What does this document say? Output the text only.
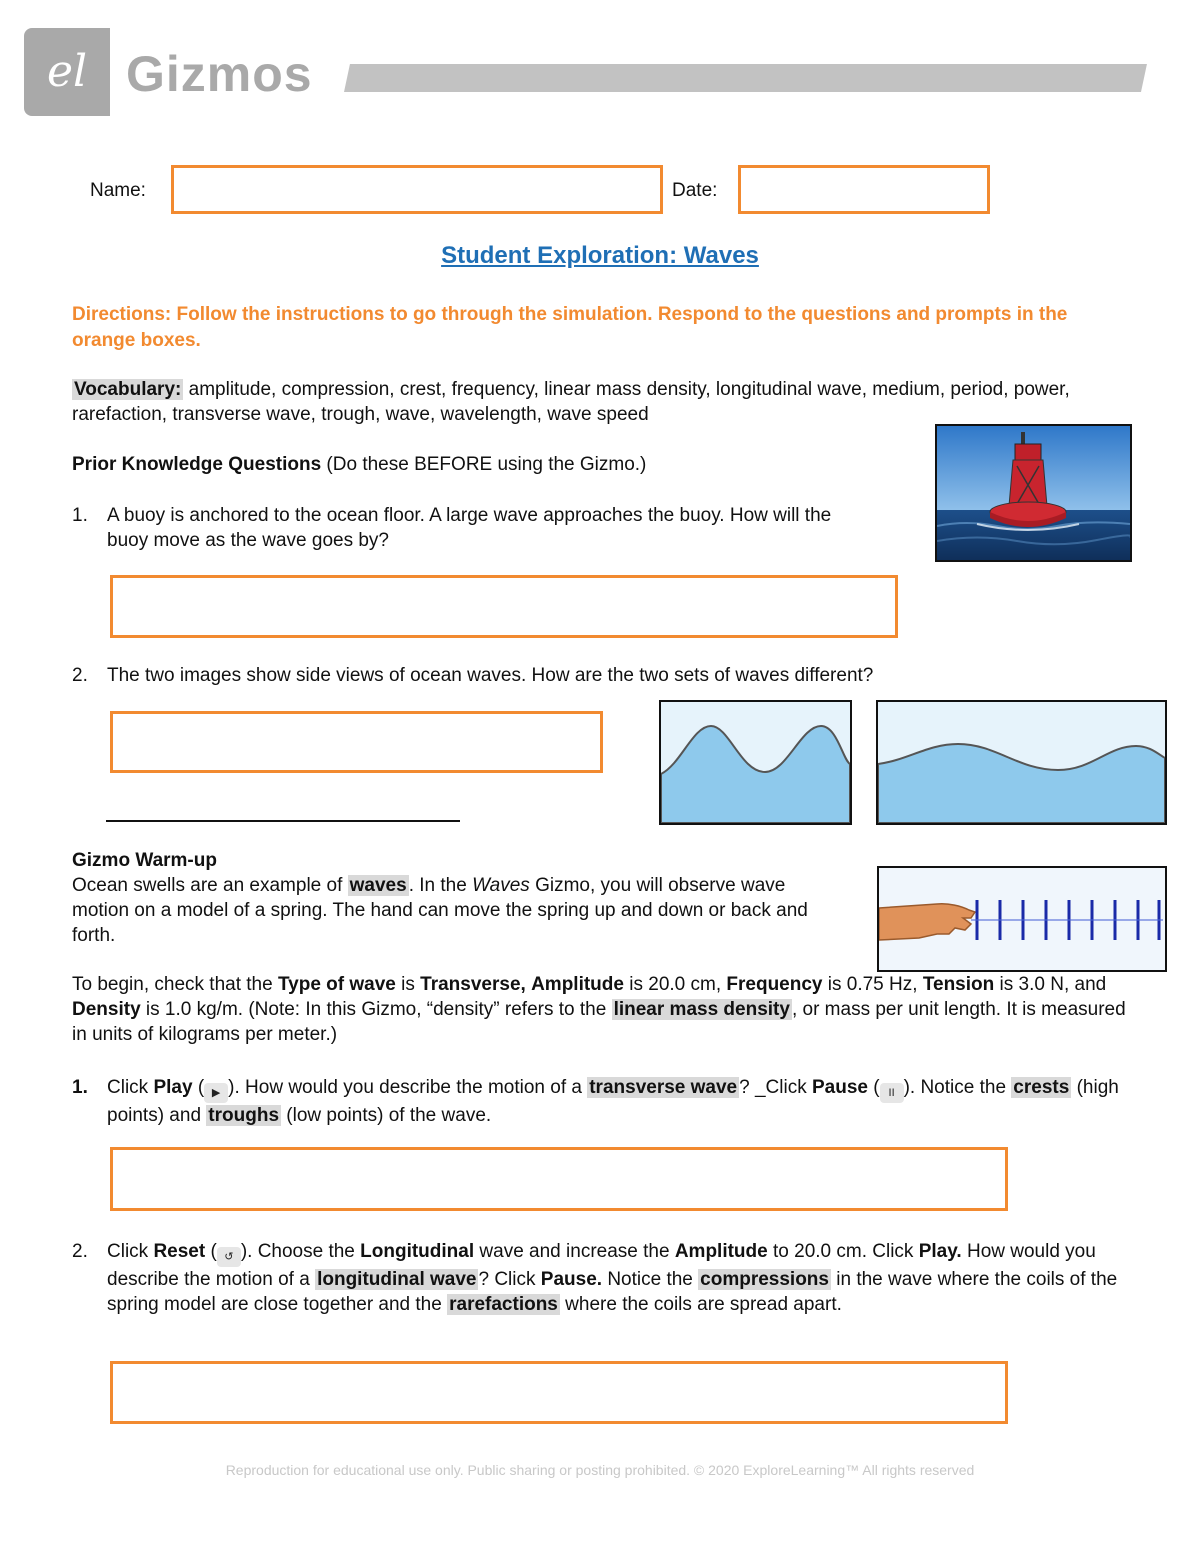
el Gizmos
Name:	Date:
Student Exploration: Waves
Directions: Follow the instructions to go through the simulation. Respond to the questions and prompts in the orange boxes.
Vocabulary: amplitude, compression, crest, frequency, linear mass density, longitudinal wave, medium, period, power, rarefaction, transverse wave, trough, wave, wavelength, wave speed
Prior Knowledge Questions (Do these BEFORE using the Gizmo.)
1. A buoy is anchored to the ocean floor. A large wave approaches the buoy. How will the buoy move as the wave goes by?
2. The two images show side views of ocean waves. How are the two sets of waves different?
Gizmo Warm-up
Ocean swells are an example of waves . In the Waves Gizmo, you will observe wave motion on a model of a spring. The hand can move the spring up and down or back and forth.
To begin, check that the Type of wave is Transverse, Amplitude is 20.0 cm, Frequency is 0.75 Hz, Tension is 3.0 N, and Density is 1.0 kg/m. (Note: In this Gizmo, “density” refers to the linear mass density , or mass per unit length. It is measured in units of kilograms per meter.)
1. Click Play ( ▶ ). How would you describe the motion of a transverse wave ? _Click Pause ( II ). Notice the crests (high points) and troughs (low points) of the wave.
2. Click Reset ( ↺ ). Choose the Longitudinal wave and increase the Amplitude to 20.0 cm. Click Play. How would you describe the motion of a longitudinal wave ? Click Pause. Notice the compressions in the wave where the coils of the spring model are close together and the rarefactions where the coils are spread apart.
Reproduction for educational use only. Public sharing or posting prohibited. © 2020 ExploreLearning™ All rights reserved
